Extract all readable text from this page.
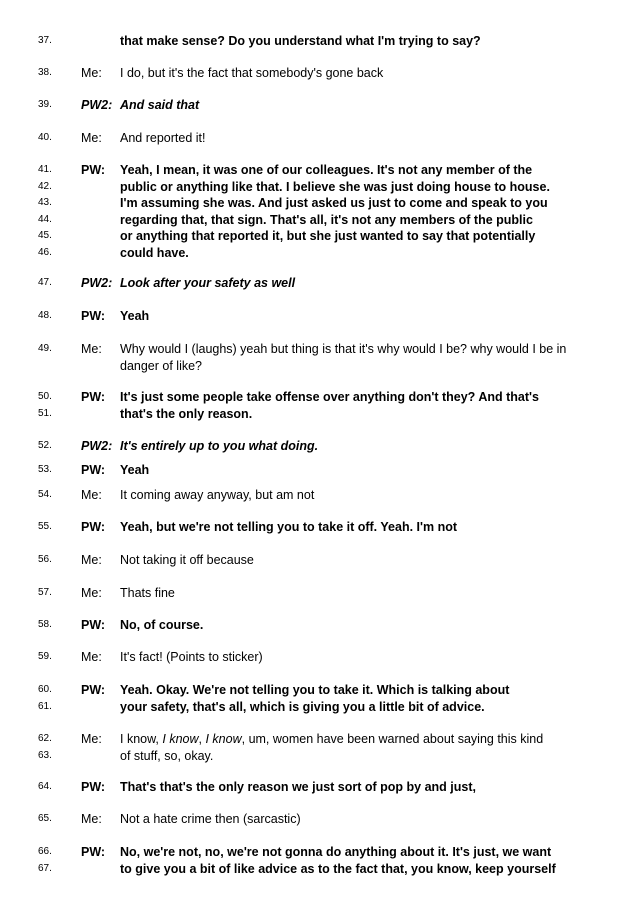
37.	that make sense? Do you understand what I'm trying to say?
38. Me: I do, but it's the fact that somebody's gone back
39. PW2: And said that
40. Me: And reported it!
41. PW: Yeah, I mean, it was one of our colleagues. It's not any member of the
42.	public or anything like that. I believe she was just doing house to house.
43.	I'm assuming she was. And just asked us just to come and speak to you
44.	regarding that, that sign. That's all, it's not any members of the public
45.	or anything that reported it, but she just wanted to say that potentially
46.	could have.
47. PW2: Look after your safety as well
48. PW: Yeah
49. Me: Why would I (laughs) yeah but thing is that it's why would I be? why would I be in
danger of like?
50. PW: It's just some people take offense over anything don't they? And that's
51.	that's the only reason.
52. PW2: It's entirely up to you what doing.
53. PW: Yeah
54. Me: It coming away anyway, but am not
55. PW: Yeah, but we're not telling you to take it off. Yeah. I'm not
56. Me: Not taking it off because
57. Me: Thats fine
58. PW: No, of course.
59. Me: It's fact! (Points to sticker)
60. PW: Yeah. Okay. We're not telling you to take it. Which is talking about
61.	your safety, that's all, which is giving you a little bit of advice.
62. Me: I know, I know, I know, um, women have been warned about saying this kind
63.	of stuff, so, okay.
64. PW: That's that's the only reason we just sort of pop by and just,
65. Me: Not a hate crime then (sarcastic)
66. PW: No, we're not, no, we're not gonna do anything about it. It's just, we want
67.	to give you a bit of like advice as to the fact that, you know, keep yourself
